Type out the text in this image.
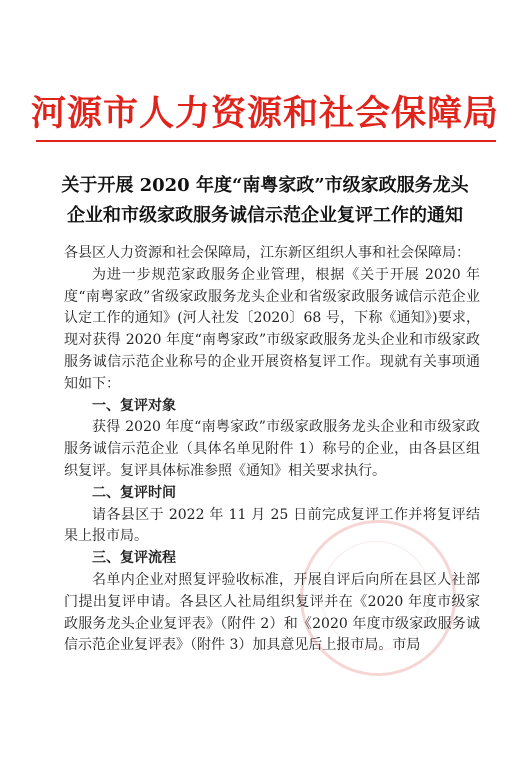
河源市人力资源和社会保障局
关于开展 2020 年度“南粤家政”市级家政服务龙头
企业和市级家政服务诚信示范企业复评工作的通知

各县区人力资源和社会保障局，江东新区组织人事和社会保障局：

为进一步规范家政服务企业管理，根据《关于开展 2020 年度“南粤家政”省级家政服务龙头企业和省级家政服务诚信示范企业认定工作的通知》(河人社发〔2020〕68 号，下称《通知》)要求，现对获得 2020 年度“南粤家政”市级家政服务龙头企业和市级家政服务诚信示范企业称号的企业开展资格复评工作。现就有关事项通知如下：

一、复评对象

获得 2020 年度“南粤家政”市级家政服务龙头企业和市级家政服务诚信示范企业（具体名单见附件 1）称号的企业，由各县区组织复评。复评具体标准参照《通知》相关要求执行。

二、复评时间

请各县区于 2022 年 11 月 25 日前完成复评工作并将复评结果上报市局。

三、复评流程

名单内企业对照复评验收标准，开展自评后向所在县区人社部门提出复评申请。各县区人社局组织复评并在《2020 年度市级家政服务龙头企业复评表》（附件 2）和《2020 年度市级家政服务诚信示范企业复评表》（附件 3）加具意见后上报市局。市局
